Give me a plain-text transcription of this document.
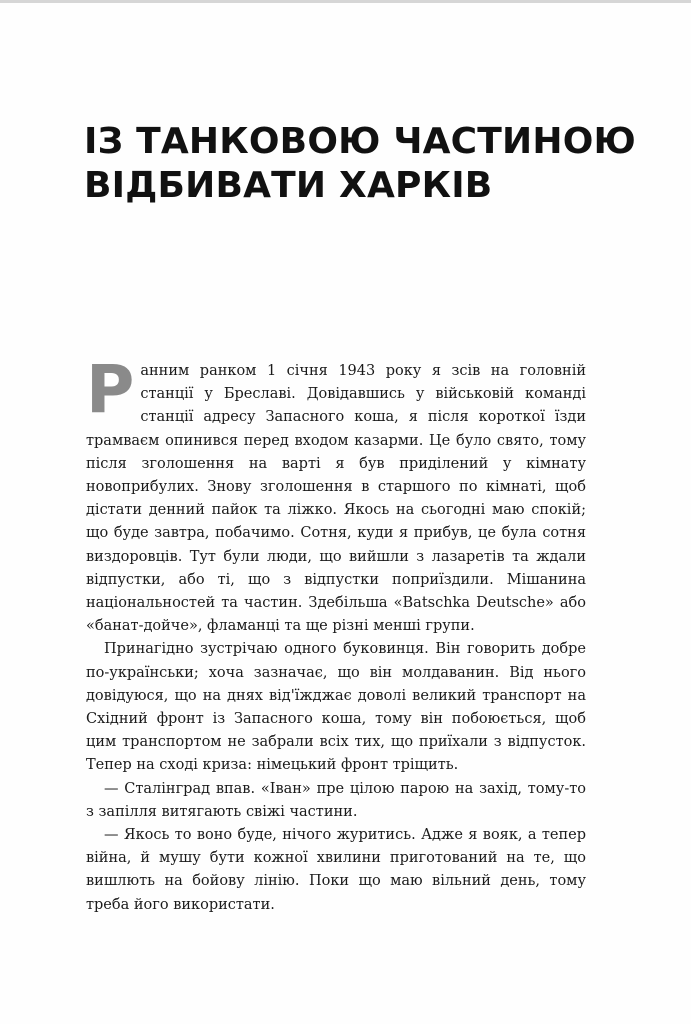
ІЗ ТАНКОВОЮ ЧАСТИНОЮ
ВІДБИВАТИ ХАРКІВ

Ранним ранком 1 січня 1943 року я зсів на головній станції у Бреславі. Довідавшись у військовій команді станції адресу Запасного коша, я після короткої їзди трамваєм опинився перед входом казарми. Це було свято, тому після зголошення на варті я був приділений у кімнату новоприбулих. Знову зголошення в старшого по кімнаті, щоб дістати денний пайок та ліжко. Якось на сьогодні маю спокій; що буде завтра, побачимо. Сотня, куди я прибув, це була сотня виздоровців. Тут були люди, що вийшли з лазаретів та ждали відпустки, або ті, що з відпустки поприїздили. Мішанина національностей та частин. Здебільша «Batschka Deutsche» або «банат-дойче», фламанці та ще різні менші групи.

Принагідно зустрічаю одного буковинця. Він говорить добре по-українськи; хоча зазначає, що він молдаванин. Від нього довідуюся, що на днях від'їжджає доволі великий транспорт на Східний фронт із Запасного коша, тому він побоюється, щоб цим транспортом не забрали всіх тих, що приїхали з відпусток. Тепер на сході криза: німецький фронт тріщить.

— Сталінград впав. «Іван» пре цілою парою на захід, тому-то з запілля витягають свіжі частини.

— Якось то воно буде, нічого журитись. Адже я вояк, а тепер війна, й мушу бути кожної хвилини приготований на те, що вишлють на бойову лінію. Поки що маю вільний день, тому треба його використати.
